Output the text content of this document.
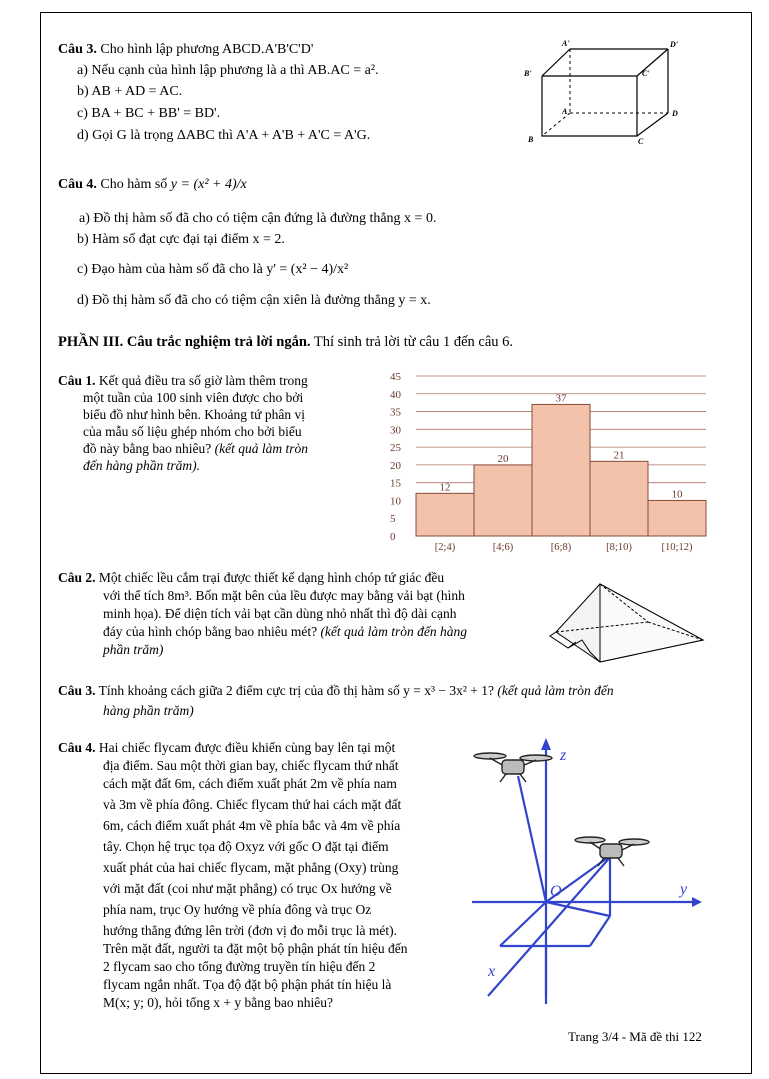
Câu 3. Cho hình lập phương ABCD.A'B'C'D'
a) Nếu cạnh của hình lập phương là a thì AB.AC = a².
b) AB + AD = AC.
c) BA + BC + BB' = BD'.
d) Gọi G là trọng ΔABC thì A'A + A'B + A'C = A'G.
A'	D'
B'	C'
A	D
B	C
Câu 4. Cho hàm số y = (x² + 4)/x
a) Đồ thị hàm số đã cho có tiệm cận đứng là đường thẳng x = 0.
b) Hàm số đạt cực đại tại điểm x = 2.
c) Đạo hàm của hàm số đã cho là y' = (x² − 4)/x²
d) Đồ thị hàm số đã cho có tiệm cận xiên là đường thẳng y = x.
PHẦN III. Câu trắc nghiệm trả lời ngắn. Thí sinh trả lời từ câu 1 đến câu 6.
Câu 1. Kết quả điều tra số giờ làm thêm trong
một tuần của 100 sinh viên được cho bởi
biểu đồ như hình bên. Khoảng tứ phân vị
của mẫu số liệu ghép nhóm cho bởi biểu
đồ này bằng bao nhiêu? (kết quả làm tròn
đến hàng phần trăm).
0
5
10
15
20
25
30
35
40
45
12
[2;4)
20
[4;6)
37
[6;8)
21
[8;10)
10
[10;12)
Câu 2. Một chiếc lều cắm trại được thiết kế dạng hình chóp tứ giác đều
với thể tích 8m³. Bốn mặt bên của lều được may bằng vải bạt (hình
minh họa). Để diện tích vải bạt cần dùng nhỏ nhất thì độ dài cạnh
đáy của hình chóp bằng bao nhiêu mét? (kết quả làm tròn đến hàng
phần trăm)
Câu 3. Tính khoảng cách giữa 2 điểm cực trị của đồ thị hàm số y = x³ − 3x² + 1? (kết quả làm tròn đến
hàng phần trăm)
Câu 4. Hai chiếc flycam được điều khiển cùng bay lên tại một
địa điểm. Sau một thời gian bay, chiếc flycam thứ nhất
cách mặt đất 6m, cách điểm xuất phát 2m về phía nam
và 3m về phía đông. Chiếc flycam thứ hai cách mặt đất
6m, cách điểm xuất phát 4m về phía bắc và 4m về phía
tây. Chọn hệ trục tọa độ Oxyz với gốc O đặt tại điểm
xuất phát của hai chiếc flycam, mặt phẳng (Oxy) trùng
với mặt đất (coi như mặt phẳng) có trục Ox hướng về
phía nam, trục Oy hướng về phía đông và trục Oz
hướng thẳng đứng lên trời (đơn vị đo mỗi trục là mét).
Trên mặt đất, người ta đặt một bộ phận phát tín hiệu đến
2 flycam sao cho tổng đường truyền tín hiệu đến 2
flycam ngắn nhất. Tọa độ đặt bộ phận phát tín hiệu là
M(x; y; 0), hỏi tổng x + y bằng bao nhiêu?
z
O	y
x
Trang 3/4 - Mã đề thi 122
